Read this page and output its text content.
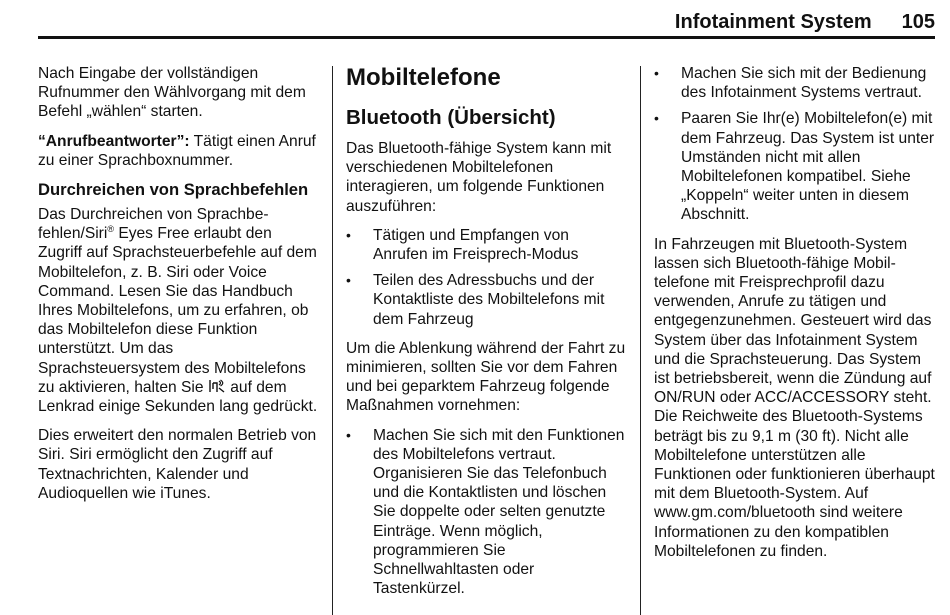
Infotainment System 105

Nach Eingabe der vollständigen Rufnummer den Wählvorgang mit dem Befehl „wählen“ starten.

“Anrufbeantworter”: Tätigt einen Anruf zu einer Sprachboxnummer.

Durchreichen von Sprachbefehlen

Das Durchreichen von Sprachbefehlen/Siri® Eyes Free erlaubt den Zugriff auf Sprachsteuerbefehle auf dem Mobiltelefon, z. B. Siri oder Voice Command. Lesen Sie das Handbuch Ihres Mobiltelefons, um zu erfahren, ob das Mobiltelefon diese Funktion unterstützt. Um das Sprachsteuersystem des Mobiltelefons zu aktivieren, halten Sie
auf dem Lenkrad einige Sekunden lang gedrückt.

Dies erweitert den normalen Betrieb von Siri. Siri ermöglicht den Zugriff auf Textnachrichten, Kalender und Audioquellen wie iTunes.

Mobiltelefone
Bluetooth (Übersicht)

Das Bluetooth-fähige System kann mit verschiedenen Mobiltelefonen interagieren, um folgende Funktionen auszuführen:

• Tätigen und Empfangen von Anrufen im Freisprech-Modus
• Teilen des Adressbuchs und der Kontaktliste des Mobiltelefons mit dem Fahrzeug

Um die Ablenkung während der Fahrt zu minimieren, sollten Sie vor dem Fahren und bei geparktem Fahrzeug folgende Maßnahmen vornehmen:

• Machen Sie sich mit den Funktionen des Mobiltelefons vertraut. Organisieren Sie das Telefonbuch und die Kontaktlisten und löschen Sie doppelte oder selten genutzte Einträge. Wenn möglich, programmieren Sie Schnellwahltasten oder Tastenkürzel.
• Machen Sie sich mit der Bedienung des Infotainment Systems vertraut.
• Paaren Sie Ihr(e) Mobiltelefon(e) mit dem Fahrzeug. Das System ist unter Umständen nicht mit allen Mobiltelefonen kompatibel. Siehe „Koppeln“ weiter unten in diesem Abschnitt.

In Fahrzeugen mit Bluetooth-System lassen sich Bluetooth-fähige Mobiltelefone mit Freisprechprofil dazu verwenden, Anrufe zu tätigen und entgegenzunehmen. Gesteuert wird das System über das Infotainment System und die Sprachsteuerung. Das System ist betriebsbereit, wenn die Zündung auf ON/RUN oder ACC/ACCESSORY steht. Die Reichweite des Bluetooth-Systems beträgt bis zu 9,1 m (30 ft). Nicht alle Mobiltelefone unterstützen alle Funktionen oder funktionieren überhaupt mit dem Bluetooth-System. Auf www.gm.com/bluetooth sind weitere Informationen zu den kompatiblen Mobiltelefonen zu finden.
